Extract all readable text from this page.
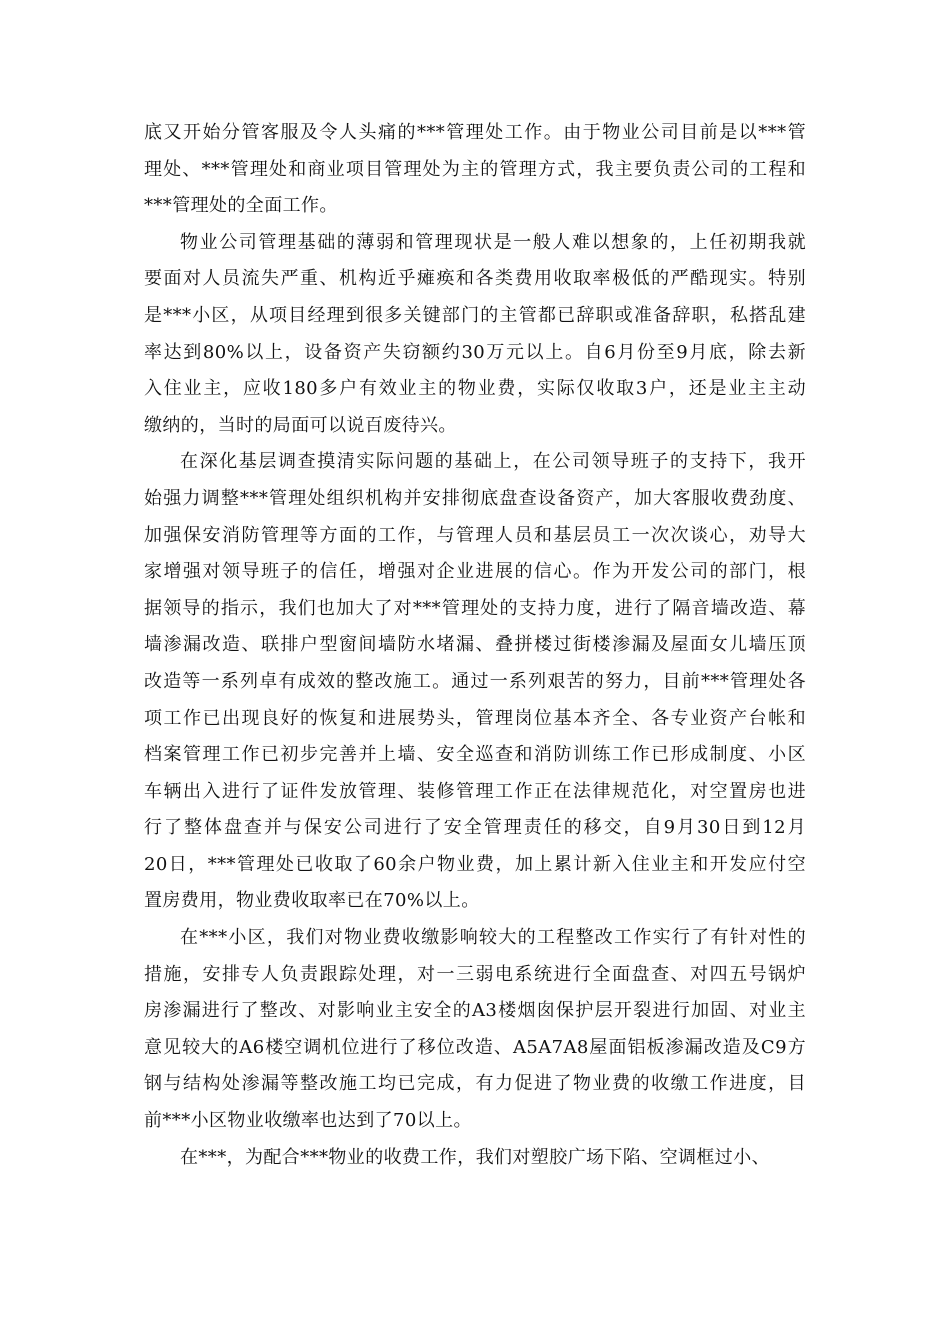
底又开始分管客服及令人头痛的***管理处工作。由于物业公司目前是以***管
理处、***管理处和商业项目管理处为主的管理方式，我主要负责公司的工程和
***管理处的全面工作。
物业公司管理基础的薄弱和管理现状是一般人难以想象的，上任初期我就
要面对人员流失严重、机构近乎瘫痪和各类费用收取率极低的严酷现实。特别
是***小区，从项目经理到很多关键部门的主管都已辞职或准备辞职，私搭乱建
率达到80%以上，设备资产失窃额约30万元以上。自6月份至9月底，除去新
入住业主，应收180多户有效业主的物业费，实际仅收取3户，还是业主主动
缴纳的，当时的局面可以说百废待兴。
在深化基层调查摸清实际问题的基础上，在公司领导班子的支持下，我开
始强力调整***管理处组织机构并安排彻底盘查设备资产，加大客服收费劲度、
加强保安消防管理等方面的工作，与管理人员和基层员工一次次谈心，劝导大
家增强对领导班子的信任，增强对企业进展的信心。作为开发公司的部门，根
据领导的指示，我们也加大了对***管理处的支持力度，进行了隔音墙改造、幕
墙渗漏改造、联排户型窗间墙防水堵漏、叠拼楼过街楼渗漏及屋面女儿墙压顶
改造等一系列卓有成效的整改施工。通过一系列艰苦的努力，目前***管理处各
项工作已出现良好的恢复和进展势头，管理岗位基本齐全、各专业资产台帐和
档案管理工作已初步完善并上墙、安全巡查和消防训练工作已形成制度、小区
车辆出入进行了证件发放管理、装修管理工作正在法律规范化，对空置房也进
行了整体盘查并与保安公司进行了安全管理责任的移交，自9月30日到12月
20日，***管理处已收取了60余户物业费，加上累计新入住业主和开发应付空
置房费用，物业费收取率已在70%以上。
在***小区，我们对物业费收缴影响较大的工程整改工作实行了有针对性的
措施，安排专人负责跟踪处理，对一三弱电系统进行全面盘查、对四五号锅炉
房渗漏进行了整改、对影响业主安全的A3楼烟囱保护层开裂进行加固、对业主
意见较大的A6楼空调机位进行了移位改造、A5A7A8屋面铝板渗漏改造及C9方
钢与结构处渗漏等整改施工均已完成，有力促进了物业费的收缴工作进度，目
前***小区物业收缴率也达到了70以上。
在***，为配合***物业的收费工作，我们对塑胶广场下陷、空调框过小、
